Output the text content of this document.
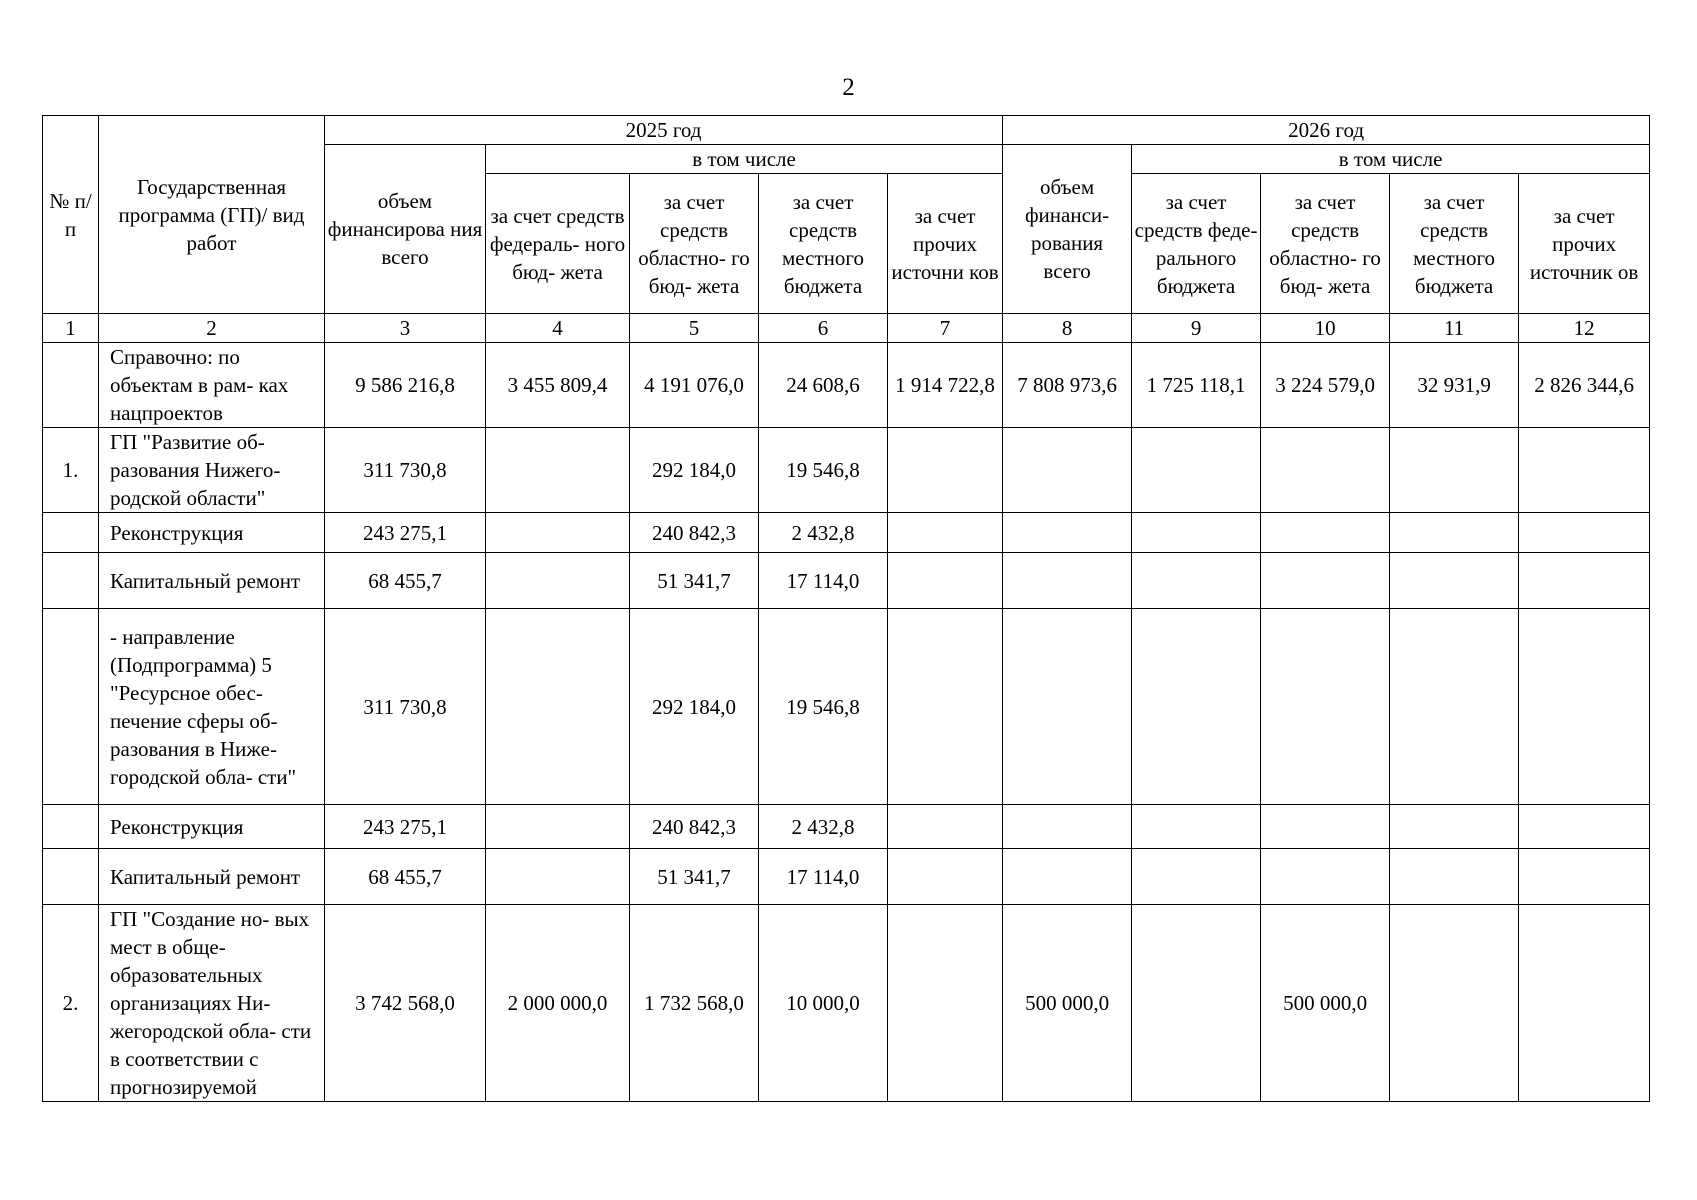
2
№ п/п	Государственная программа (ГП)/ вид работ	2025 год					2026 год				
		объем финансирова ния всего	в том числе				объем финанси- рования всего	в том числе			
			за счет средств федераль- ного бюд- жета	за счет средств областно- го бюд- жета	за счет средств местного бюджета	за счет прочих источни ков		за счет средств феде- рального бюджета	за счет средств областно- го бюд- жета	за счет средств местного бюджета	за счет прочих источник ов
1	2	3	4	5	6	7	8	9	10	11	12
	Справочно: по объектам в рам- ках нацпроектов	9 586 216,8	3 455 809,4	4 191 076,0	24 608,6	1 914 722,8	7 808 973,6	1 725 118,1	3 224 579,0	32 931,9	2 826 344,6
1.	ГП "Развитие об- разования Нижего- родской области"	311 730,8		292 184,0	19 546,8						
	Реконструкция	243 275,1		240 842,3	2 432,8						
	Капитальный ремонт	68 455,7		51 341,7	17 114,0						
	- направление (Подпрограмма) 5 "Ресурсное обес- печение сферы об- разования в Ниже- городской обла- сти"	311 730,8		292 184,0	19 546,8						
	Реконструкция	243 275,1		240 842,3	2 432,8						
	Капитальный ремонт	68 455,7		51 341,7	17 114,0						
2.	ГП "Создание но- вых мест в обще- образовательных организациях Ни- жегородской обла- сти в соответствии с прогнозируемой	3 742 568,0	2 000 000,0	1 732 568,0	10 000,0		500 000,0		500 000,0		
